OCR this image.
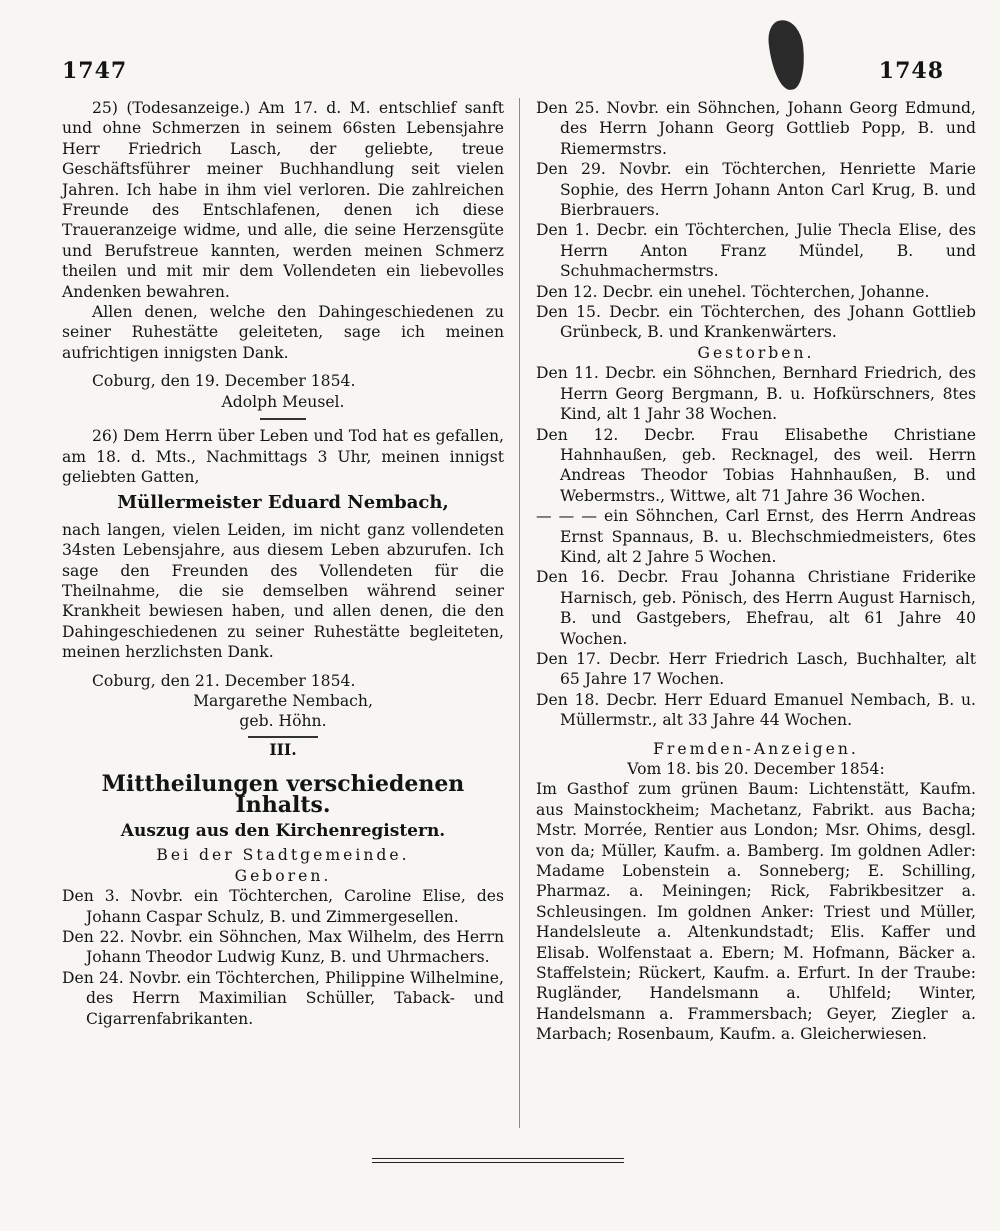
1747	1748

25) (Todesanzeige.) Am 17. d. M. entschlief sanft und ohne Schmerzen in seinem 66sten Lebensjahre Herr Friedrich Lasch, der geliebte, treue Geschäftsführer meiner Buchhandlung seit vielen Jahren. Ich habe in ihm viel verloren. Die zahlreichen Freunde des Entschlafenen, denen ich diese Traueranzeige widme, und alle, die seine Herzensgüte und Berufstreue kannten, werden meinen Schmerz theilen und mit mir dem Vollendeten ein liebevolles Andenken bewahren.

Allen denen, welche den Dahingeschiedenen zu seiner Ruhestätte geleiteten, sage ich meinen aufrichtigen innigsten Dank.

Coburg, den 19. December 1854.

Adolph Meusel.

26) Dem Herrn über Leben und Tod hat es gefallen, am 18. d. Mts., Nachmittags 3 Uhr, meinen innigst geliebten Gatten,

Müllermeister Eduard Nembach,

nach langen, vielen Leiden, im nicht ganz vollendeten 34sten Lebensjahre, aus diesem Leben abzurufen. Ich sage den Freunden des Vollendeten für die Theilnahme, die sie demselben während seiner Krankheit bewiesen haben, und allen denen, die den Dahingeschiedenen zu seiner Ruhestätte begleiteten, meinen herzlichsten Dank.

Coburg, den 21. December 1854.

Margarethe Nembach,

geb. Höhn.

III.

Mittheilungen verschiedenen Inhalts.

Auszug aus den Kirchenregistern.

Bei der Stadtgemeinde.

Geboren.

Den 3. Novbr. ein Töchterchen, Caroline Elise, des Johann Caspar Schulz, B. und Zimmergesellen.

Den 22. Novbr. ein Söhnchen, Max Wilhelm, des Herrn Johann Theodor Ludwig Kunz, B. und Uhrmachers.

Den 24. Novbr. ein Töchterchen, Philippine Wilhelmine, des Herrn Maximilian Schüller, Taback- und Cigarrenfabrikanten.

Den 25. Novbr. ein Söhnchen, Johann Georg Edmund, des Herrn Johann Georg Gottlieb Popp, B. und Riemermstrs.

Den 29. Novbr. ein Töchterchen, Henriette Marie Sophie, des Herrn Johann Anton Carl Krug, B. und Bierbrauers.

Den 1. Decbr. ein Töchterchen, Julie Thecla Elise, des Herrn Anton Franz Mündel, B. und Schuhmachermstrs.

Den 12. Decbr. ein unehel. Töchterchen, Johanne.

Den 15. Decbr. ein Töchterchen, des Johann Gottlieb Grünbeck, B. und Krankenwärters.

Gestorben.

Den 11. Decbr. ein Söhnchen, Bernhard Friedrich, des Herrn Georg Bergmann, B. u. Hofkürschners, 8tes Kind, alt 1 Jahr 38 Wochen.

Den 12. Decbr. Frau Elisabethe Christiane Hahnhaußen, geb. Recknagel, des weil. Herrn Andreas Theodor Tobias Hahnhaußen, B. und Webermstrs., Wittwe, alt 71 Jahre 36 Wochen.

— — — ein Söhnchen, Carl Ernst, des Herrn Andreas Ernst Spannaus, B. u. Blechschmiedmeisters, 6tes Kind, alt 2 Jahre 5 Wochen.

Den 16. Decbr. Frau Johanna Christiane Friderike Harnisch, geb. Pönisch, des Herrn August Harnisch, B. und Gastgebers, Ehefrau, alt 61 Jahre 40 Wochen.

Den 17. Decbr. Herr Friedrich Lasch, Buchhalter, alt 65 Jahre 17 Wochen.

Den 18. Decbr. Herr Eduard Emanuel Nembach, B. u. Müllermstr., alt 33 Jahre 44 Wochen.

Fremden-Anzeigen.

Vom 18. bis 20. December 1854:

Im Gasthof zum grünen Baum: Lichtenstätt, Kaufm. aus Mainstockheim; Machetanz, Fabrikt. aus Bacha; Mstr. Morrée, Rentier aus London; Msr. Ohims, desgl. von da; Müller, Kaufm. a. Bamberg. Im goldnen Adler: Madame Lobenstein a. Sonneberg; E. Schilling, Pharmaz. a. Meiningen; Rick, Fabrikbesitzer a. Schleusingen. Im goldnen Anker: Triest und Müller, Handelsleute a. Altenkundstadt; Elis. Kaffer und Elisab. Wolfenstaat a. Ebern; M. Hofmann, Bäcker a. Staffelstein; Rückert, Kaufm. a. Erfurt. In der Traube: Rugländer, Handelsmann a. Uhlfeld; Winter, Handelsmann a. Frammersbach; Geyer, Ziegler a. Marbach; Rosenbaum, Kaufm. a. Gleicherwiesen.
